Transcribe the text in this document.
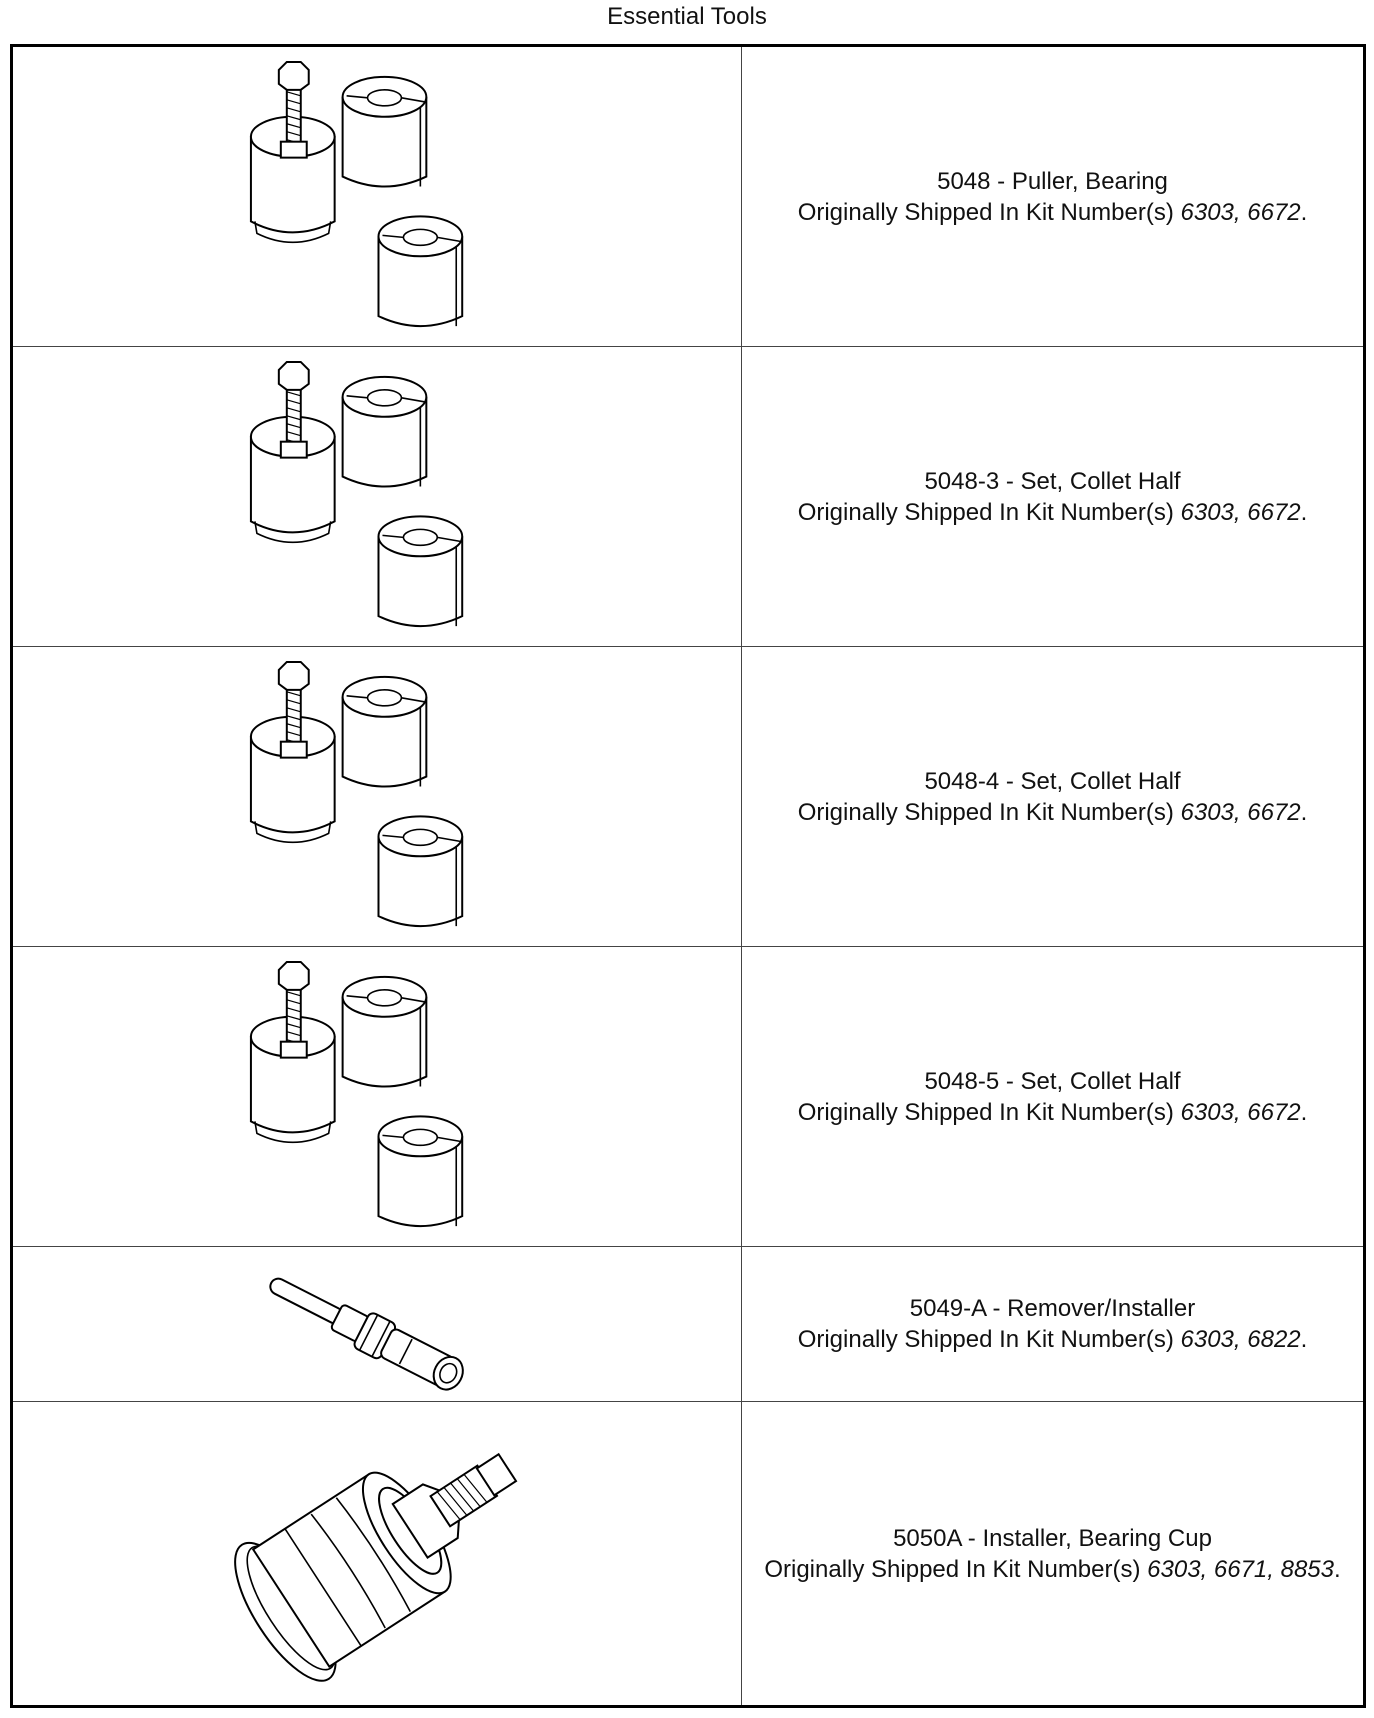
Essential Tools
5048 - Puller, Bearing
Originally Shipped In Kit Number(s) 6303, 6672.
5048-3 - Set, Collet Half
Originally Shipped In Kit Number(s) 6303, 6672.
5048-4 - Set, Collet Half
Originally Shipped In Kit Number(s) 6303, 6672.
5048-5 - Set, Collet Half
Originally Shipped In Kit Number(s) 6303, 6672.
5049-A - Remover/Installer
Originally Shipped In Kit Number(s) 6303, 6822.
5050A - Installer, Bearing Cup
Originally Shipped In Kit Number(s) 6303, 6671, 8853.
